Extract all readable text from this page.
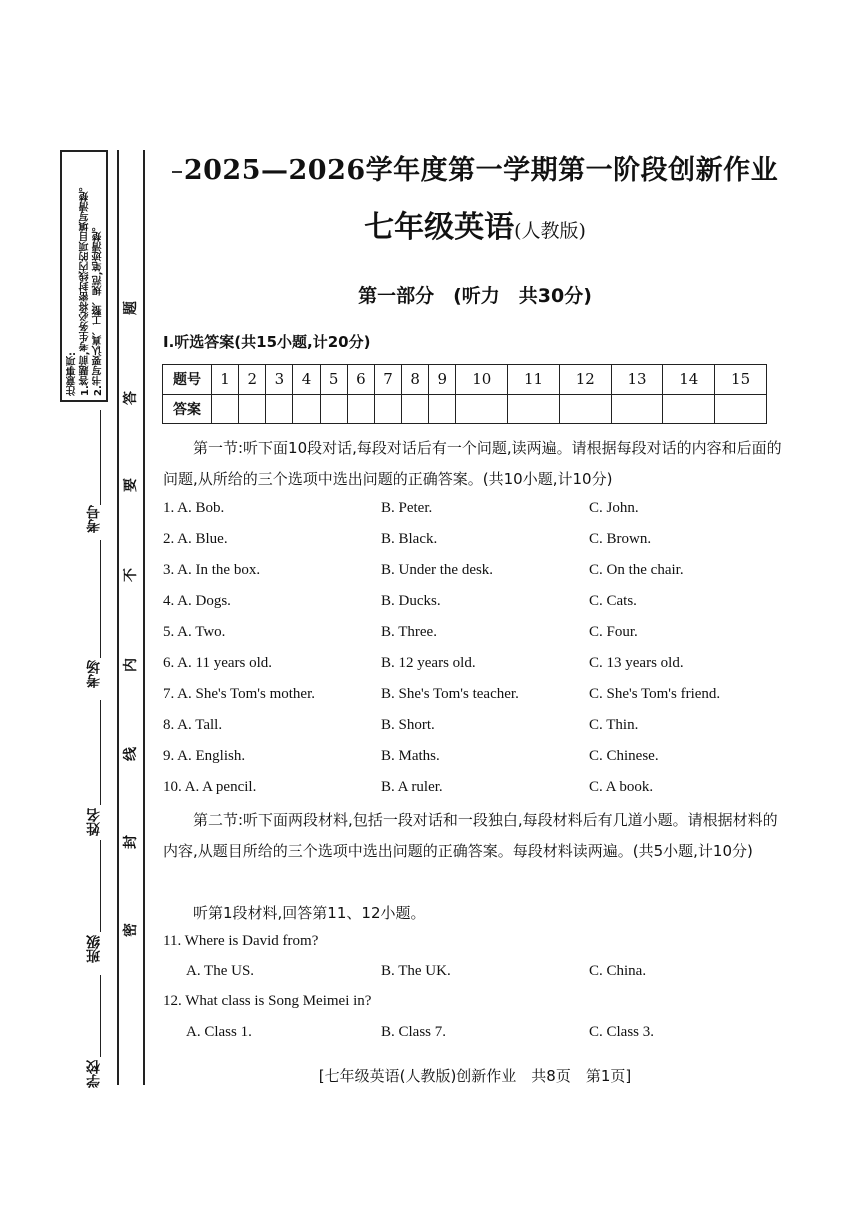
注意事项: 1.答题前,考生务必将密封线内的项目填写清楚。 2.书写要认真、工整、规范,笔迹清楚。
考号
考场
姓名
班级
学校
密
封
线
内
不
要
答
题
2025—2026学年度第一学期第一阶段创新作业
七年级英语(人教版)
第一部分　(听力　共30分)
Ⅰ.听选答案(共15小题,计20分)
题号	1	2	3	4	5	6	7	8	9	10	11	12	13	14	15
答案															
第一节:听下面10段对话,每段对话后有一个问题,读两遍。请根据每段对话的内容和后面的问题,从所给的三个选项中选出问题的正确答案。(共10小题,计10分)
1. A. Bob.	B. Peter.	C. John.
2. A. Blue.	B. Black.	C. Brown.
3. A. In the box.	B. Under the desk.	C. On the chair.
4. A. Dogs.	B. Ducks.	C. Cats.
5. A. Two.	B. Three.	C. Four.
6. A. 11 years old.	B. 12 years old.	C. 13 years old.
7. A. She's Tom's mother.	B. She's Tom's teacher.	C. She's Tom's friend.
8. A. Tall.	B. Short.	C. Thin.
9. A. English.	B. Maths.	C. Chinese.
10. A. A pencil.	B. A ruler.	C. A book.
第二节:听下面两段材料,包括一段对话和一段独白,每段材料后有几道小题。请根据材料的内容,从题目所给的三个选项中选出问题的正确答案。每段材料读两遍。(共5小题,计10分)
听第1段材料,回答第11、12小题。
11. Where is David from?
A. The US.	B. The UK.	C. China.
12. What class is Song Meimei in?
A. Class 1.	B. Class 7.	C. Class 3.
[七年级英语(人教版)创新作业　共8页　第1页]
